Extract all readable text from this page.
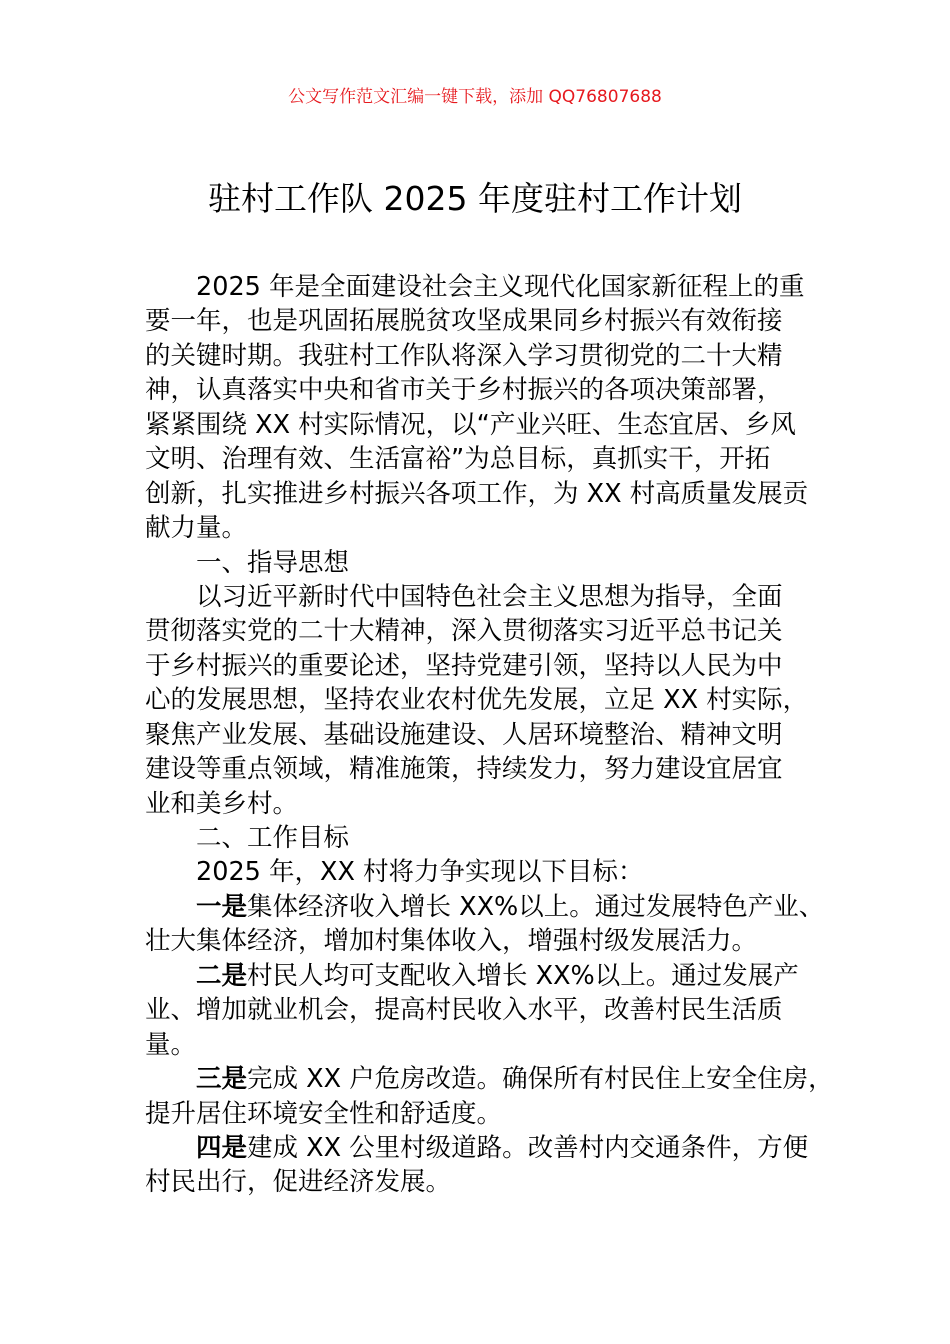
公文写作范文汇编一键下载，添加 QQ76807688
驻村工作队 2025 年度驻村工作计划
2025 年是全面建设社会主义现代化国家新征程上的重
要一年，也是巩固拓展脱贫攻坚成果同乡村振兴有效衔接
的关键时期。我驻村工作队将深入学习贯彻党的二十大精
神，认真落实中央和省市关于乡村振兴的各项决策部署，
紧紧围绕 XX 村实际情况，以“产业兴旺、生态宜居、乡风
文明、治理有效、生活富裕”为总目标，真抓实干，开拓
创新，扎实推进乡村振兴各项工作，为 XX 村高质量发展贡
献力量。
一、指导思想
以习近平新时代中国特色社会主义思想为指导，全面
贯彻落实党的二十大精神，深入贯彻落实习近平总书记关
于乡村振兴的重要论述，坚持党建引领，坚持以人民为中
心的发展思想，坚持农业农村优先发展，立足 XX 村实际，
聚焦产业发展、基础设施建设、人居环境整治、精神文明
建设等重点领域，精准施策，持续发力，努力建设宜居宜
业和美乡村。
二、工作目标
2025 年，XX 村将力争实现以下目标：
一是集体经济收入增长 XX%以上。通过发展特色产业、
壮大集体经济，增加村集体收入，增强村级发展活力。
二是村民人均可支配收入增长 XX%以上。通过发展产
业、增加就业机会，提高村民收入水平，改善村民生活质
量。
三是完成 XX 户危房改造。确保所有村民住上安全住房，
提升居住环境安全性和舒适度。
四是建成 XX 公里村级道路。改善村内交通条件，方便
村民出行，促进经济发展。
